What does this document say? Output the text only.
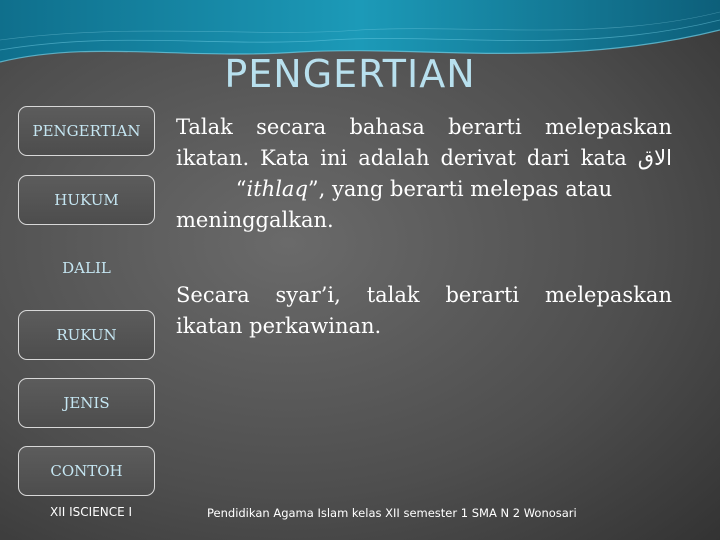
PENGERTIAN
PENGERTIAN
HUKUM
DALIL
RUKUN
JENIS
CONTOH
XII ISCIENCE I
Talak secara bahasa berarti melepaskan
ikatan. Kata ini adalah derivat dari kata اﻻق
“ithlaq”, yang berarti melepas atau
meninggalkan.
Secara syar’i, talak berarti melepaskan
ikatan perkawinan.
Pendidikan Agama Islam kelas XII semester 1 SMA N 2 Wonosari
